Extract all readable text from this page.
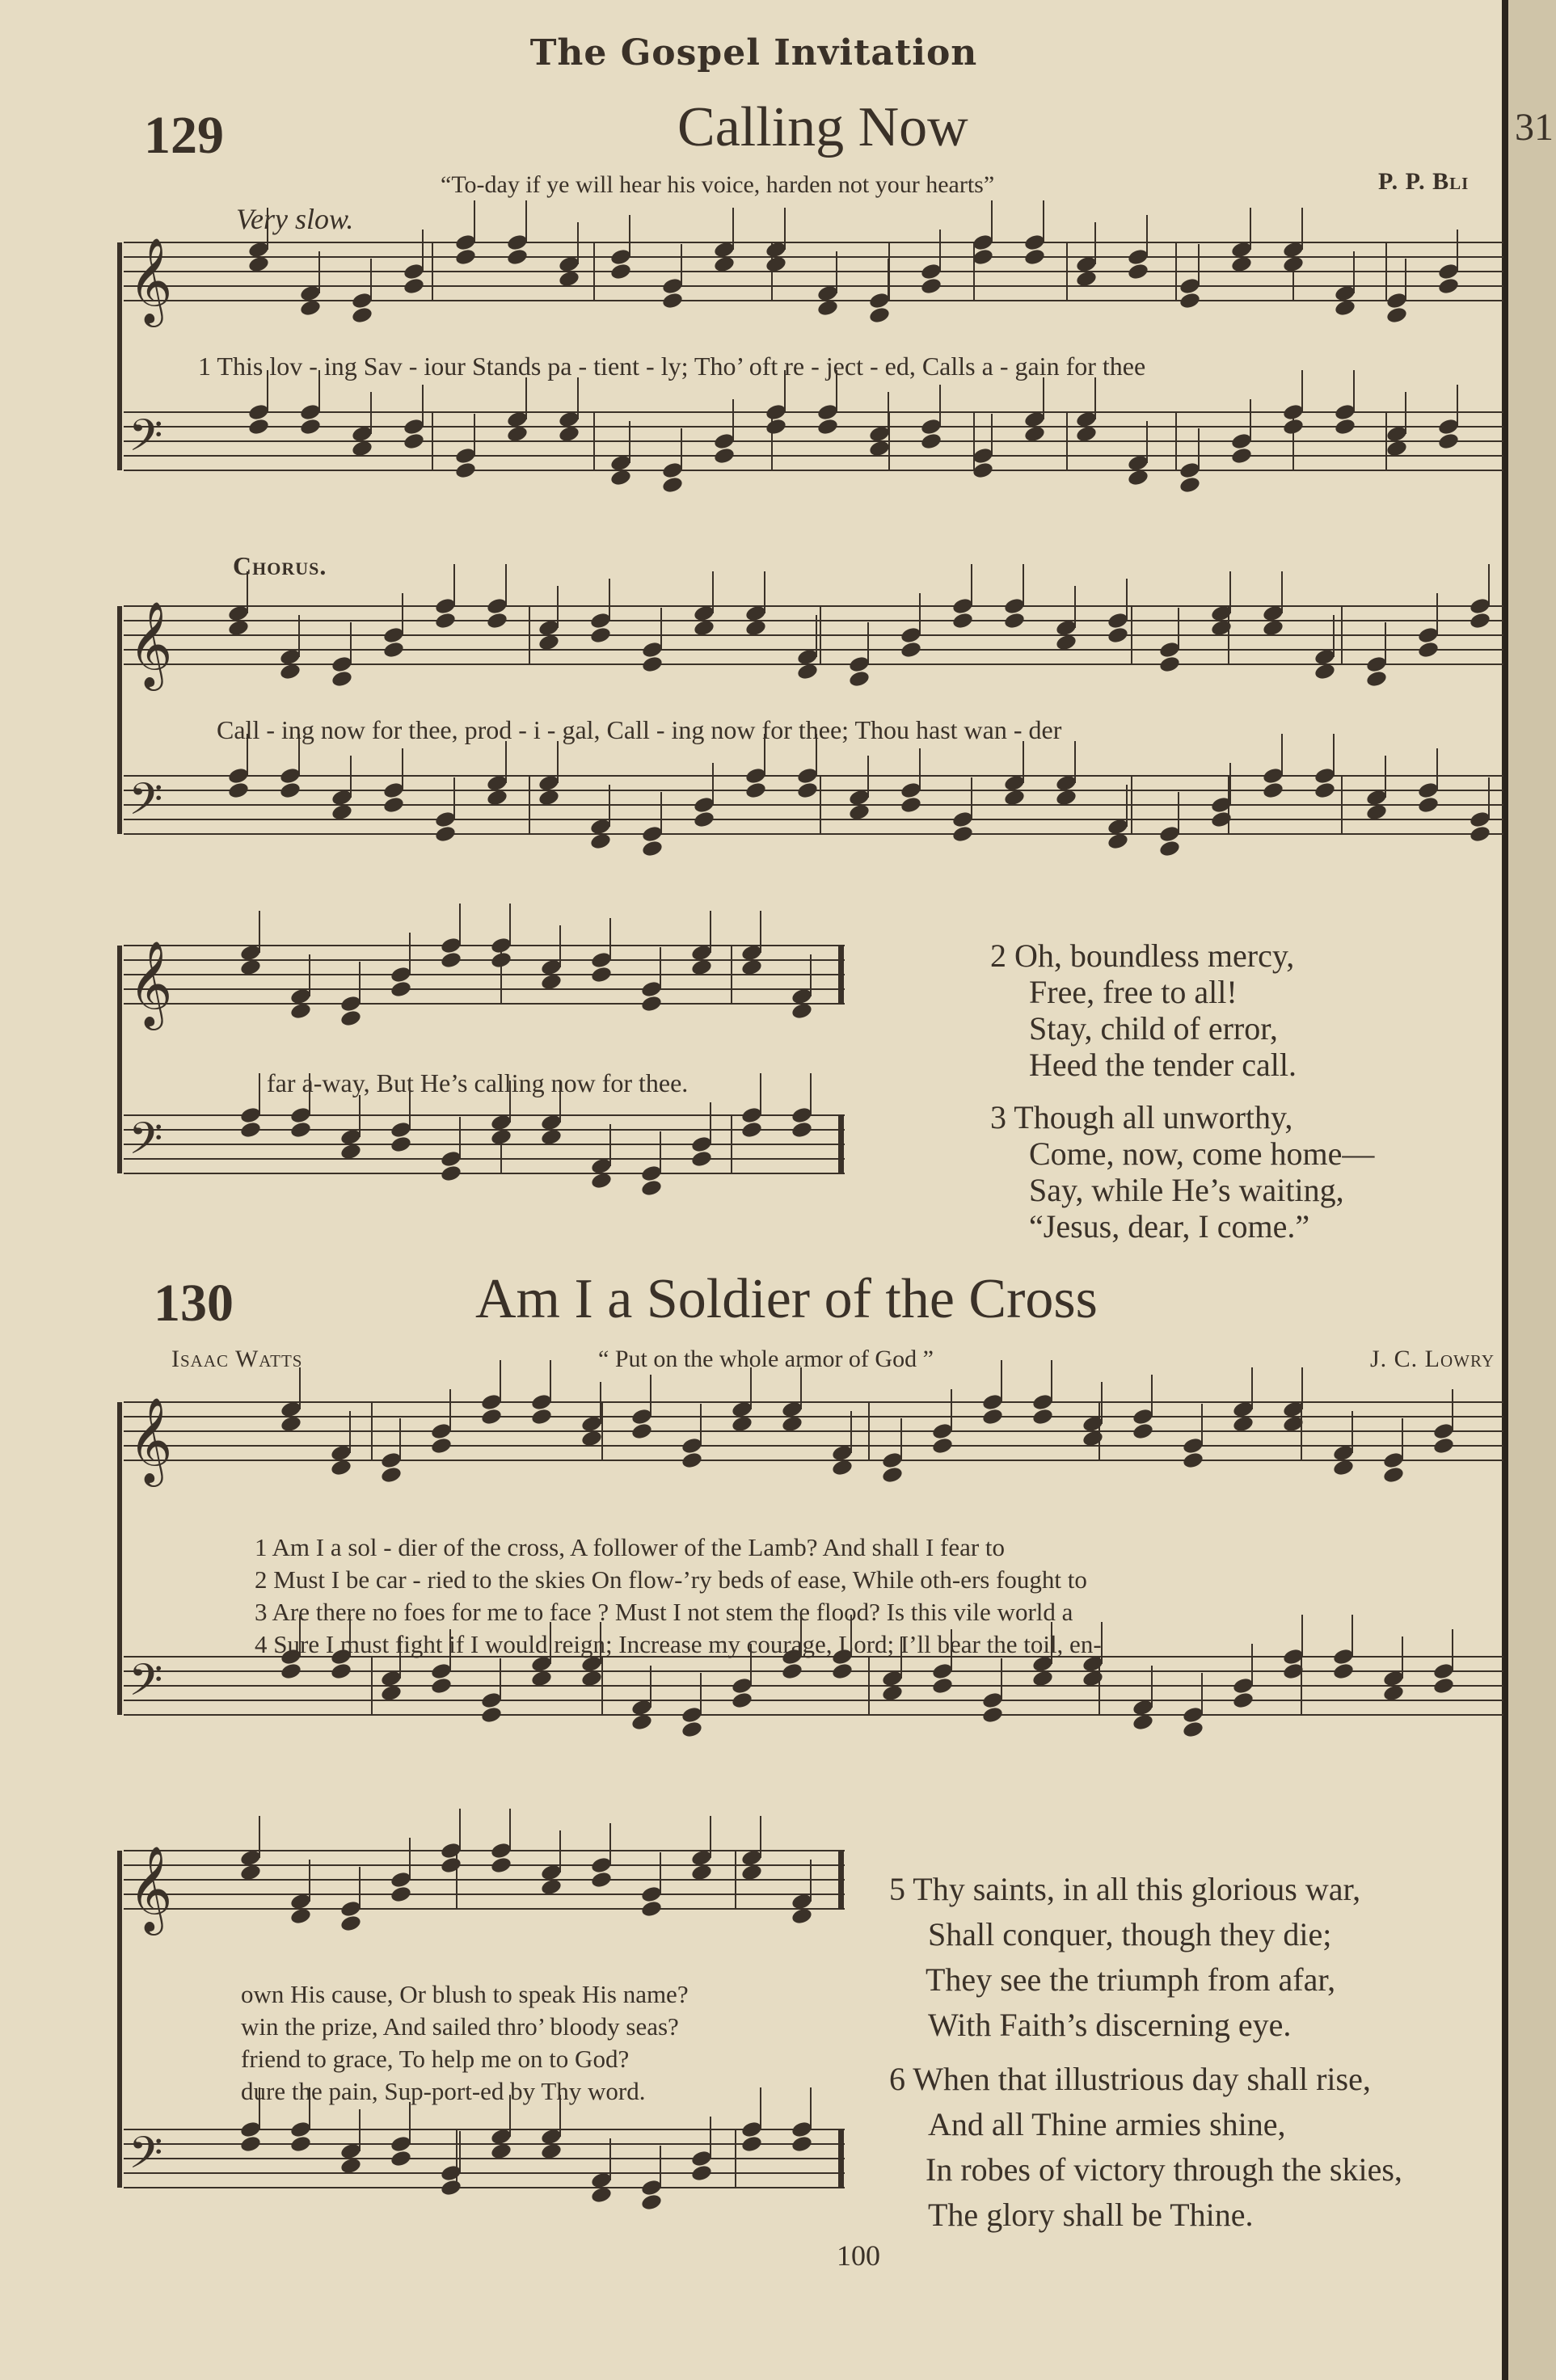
31
The Gospel Invitation
129	Calling Now
“To-day if ye will hear his voice, harden not your hearts”	P. P. Bli
Very slow.
𝄞
𝄢
1 This lov - ing Sav - iour Stands pa - tient - ly; Tho’ oft re - ject - ed, Calls a - gain for thee
Chorus.
𝄞
𝄢
Call - ing now for thee, prod - i - gal, Call - ing now for thee; Thou hast wan - der
𝄞
𝄢
far a-way, But He’s calling now for thee.
2 Oh, boundless mercy,
Free, free to all!
Stay, child of error,
Heed the tender call.
3 Though all unworthy,
Come, now, come home—
Say, while He’s waiting,
“Jesus, dear, I come.”
130	Am I a Soldier of the Cross
Isaac Watts	“ Put on the whole armor of God ”	J. C. Lowry
𝄞
𝄢
1 Am I a sol - dier of the cross, A follower of the Lamb? And shall I fear to
2 Must I be car - ried to the skies On flow-’ry beds of ease, While oth-ers fought to
3 Are there no foes for me to face ? Must I not stem the flood? Is this vile world a
4 Sure I must fight if I would reign; Increase my courage, Lord; I’ll bear the toil, en-
𝄞
𝄢
own His cause, Or blush to speak His name?
win the prize, And sailed thro’ bloody seas?
friend to grace, To help me on to God?
dure the pain, Sup-port-ed by Thy word.
5 Thy saints, in all this glorious war,
Shall conquer, though they die;
They see the triumph from afar,
With Faith’s discerning eye.
6 When that illustrious day shall rise,
And all Thine armies shine,
In robes of victory through the skies,
The glory shall be Thine.
100
